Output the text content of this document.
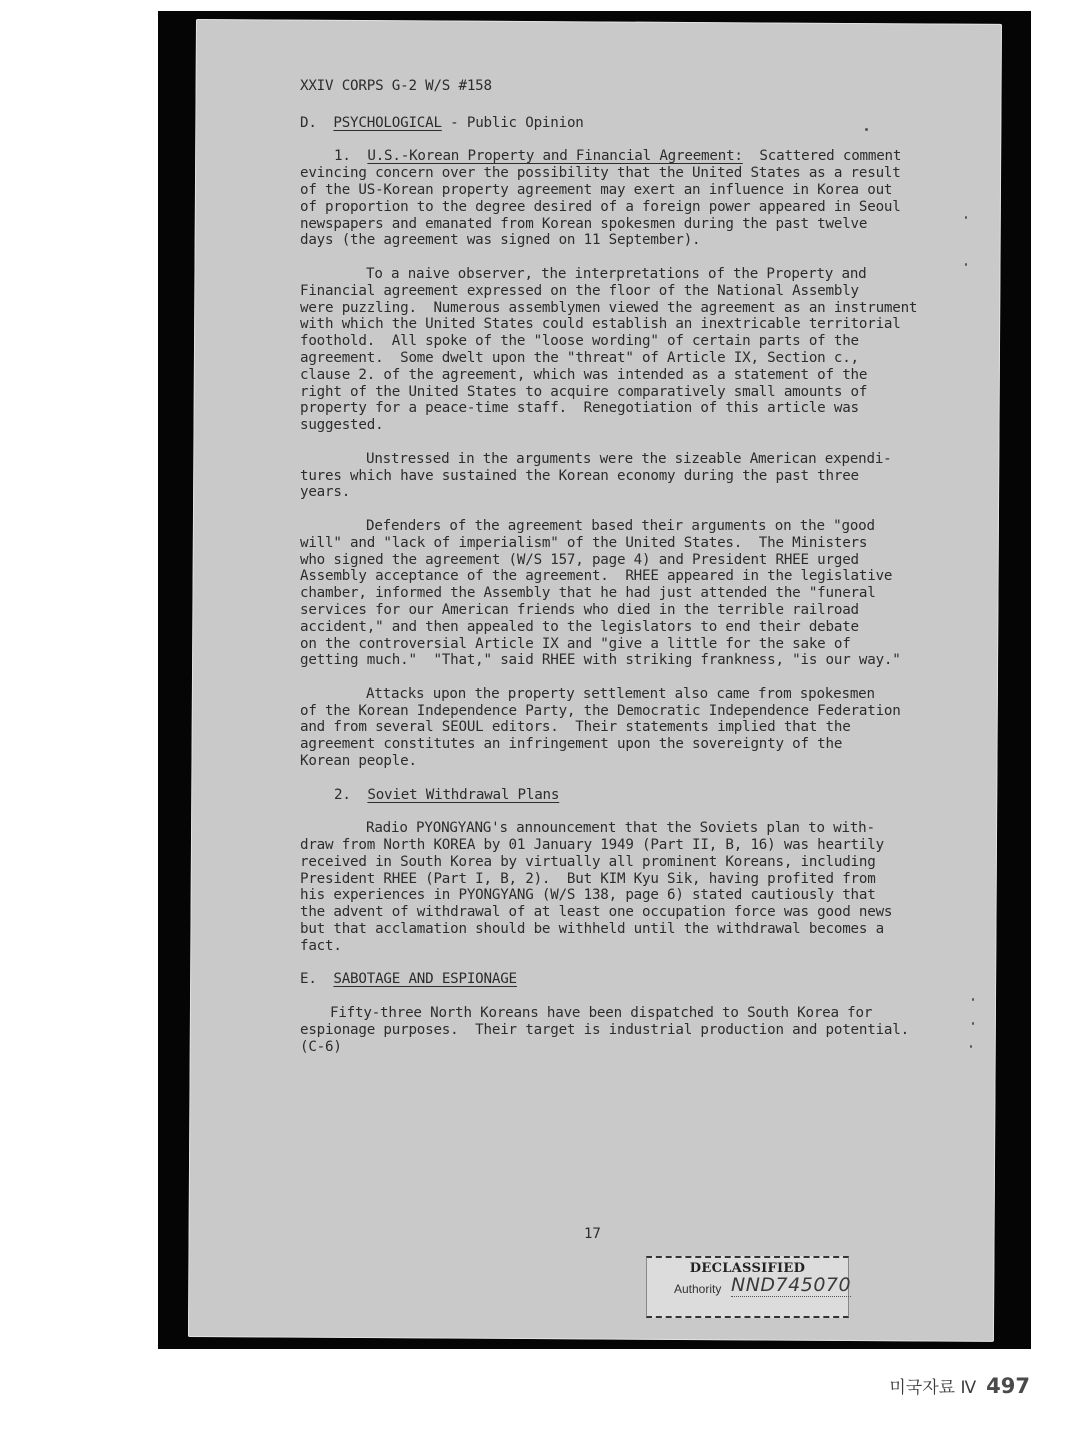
XXIV CORPS G-2 W/S #158
D. PSYCHOLOGICAL - Public Opinion
1. U.S.-Korean Property and Financial Agreement:  Scattered comment
evincing concern over the possibility that the United States as a result
of the US-Korean property agreement may exert an influence in Korea out
of proportion to the degree desired of a foreign power appeared in Seoul
newspapers and emanated from Korean spokesmen during the past twelve
days (the agreement was signed on 11 September).
To a naive observer, the interpretations of the Property and
Financial agreement expressed on the floor of the National Assembly
were puzzling.  Numerous assemblymen viewed the agreement as an instrument
with which the United States could establish an inextricable territorial
foothold.  All spoke of the "loose wording" of certain parts of the
agreement.  Some dwelt upon the "threat" of Article IX, Section c.,
clause 2. of the agreement, which was intended as a statement of the
right of the United States to acquire comparatively small amounts of
property for a peace-time staff.  Renegotiation of this article was
suggested.
Unstressed in the arguments were the sizeable American expendi-
tures which have sustained the Korean economy during the past three
years.
Defenders of the agreement based their arguments on the "good
will" and "lack of imperialism" of the United States.  The Ministers
who signed the agreement (W/S 157, page 4) and President RHEE urged
Assembly acceptance of the agreement.  RHEE appeared in the legislative
chamber, informed the Assembly that he had just attended the "funeral
services for our American friends who died in the terrible railroad
accident," and then appealed to the legislators to end their debate
on the controversial Article IX and "give a little for the sake of
getting much."  "That," said RHEE with striking frankness, "is our way."
Attacks upon the property settlement also came from spokesmen
of the Korean Independence Party, the Democratic Independence Federation
and from several SEOUL editors.  Their statements implied that the
agreement constitutes an infringement upon the sovereignty of the
Korean people.
2. Soviet Withdrawal Plans
Radio PYONGYANG's announcement that the Soviets plan to with-
draw from North KOREA by 01 January 1949 (Part II, B, 16) was heartily
received in South Korea by virtually all prominent Koreans, including
President RHEE (Part I, B, 2).  But KIM Kyu Sik, having profited from
his experiences in PYONGYANG (W/S 138, page 6) stated cautiously that
the advent of withdrawal of at least one occupation force was good news
but that acclamation should be withheld until the withdrawal becomes a
fact.
E. SABOTAGE AND ESPIONAGE
Fifty-three North Koreans have been dispatched to South Korea for
espionage purposes.  Their target is industrial production and potential.
(C-6)
17
DECLASSIFIED
Authority NND745070
미국자료 Ⅳ 497
